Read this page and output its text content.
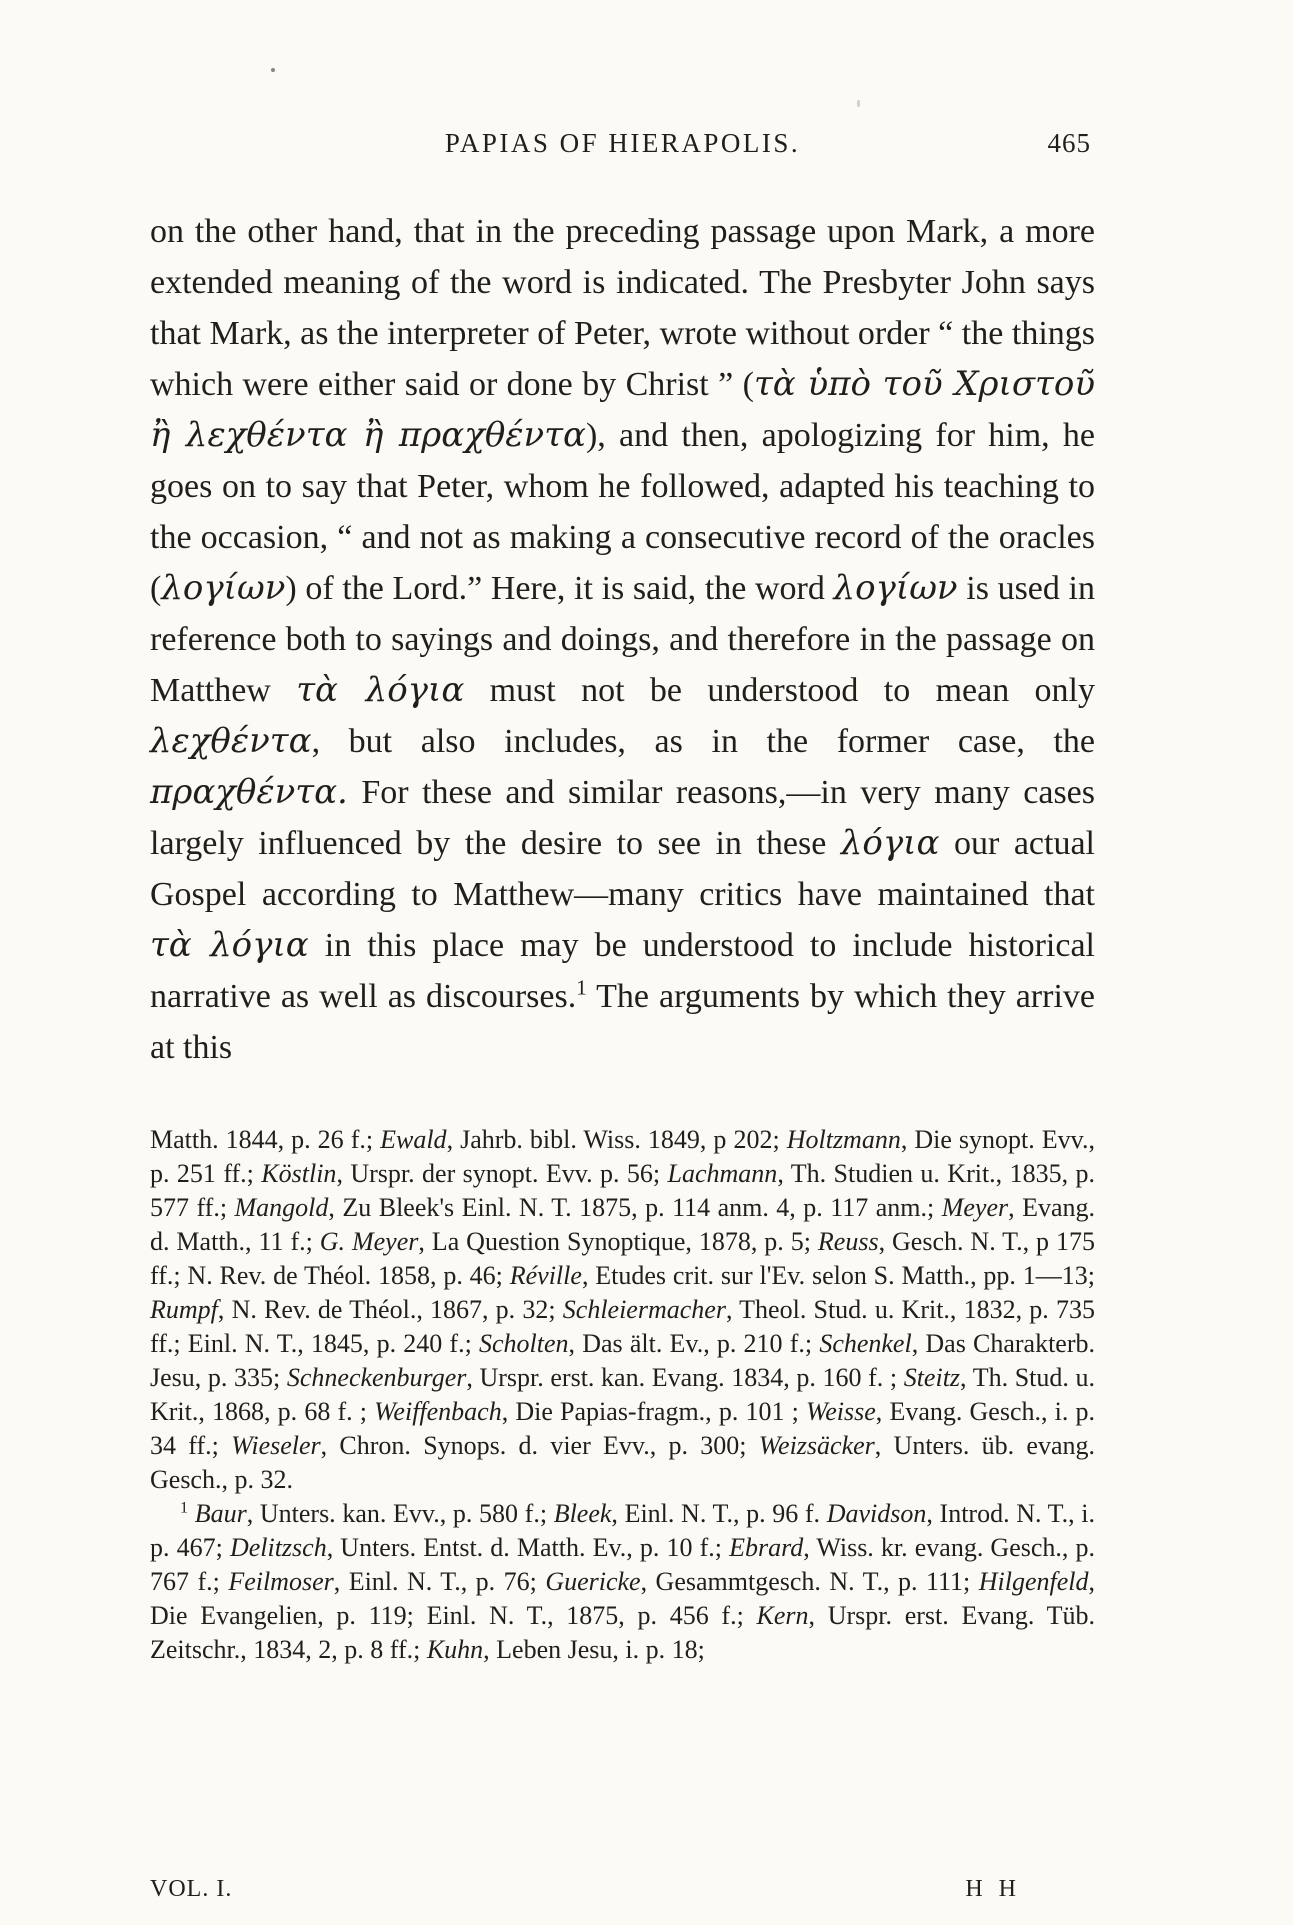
PAPIAS OF HIERAPOLIS.	465

on the other hand, that in the preceding passage upon Mark, a more extended meaning of the word is indicated. The Presbyter John says that Mark, as the interpreter of Peter, wrote without order “ the things which were either said or done by Christ ” (τὰ ὑπὸ τοῦ Χριστοῦ ἢ λεχθέντα ἢ πραχθέντα), and then, apologizing for him, he goes on to say that Peter, whom he followed, adapted his teaching to the occasion, “ and not as making a consecutive record of the oracles (λογίων) of the Lord.” Here, it is said, the word λογίων is used in reference both to sayings and doings, and therefore in the passage on Matthew τὰ λόγια must not be understood to mean only λεχθέντα, but also includes, as in the former case, the πραχθέντα. For these and similar reasons,—in very many cases largely influenced by the desire to see in these λόγια our actual Gospel according to Matthew—many critics have maintained that τὰ λόγια in this place may be understood to include historical narrative as well as discourses.$^1$ The arguments by which they arrive at this

Matth. 1844, p. 26 f.; Ewald, Jahrb. bibl. Wiss. 1849, p 202; Holtzmann, Die synopt. Evv., p. 251 ff.; Köstlin, Urspr. der synopt. Evv. p. 56; Lachmann, Th. Studien u. Krit., 1835, p. 577 ff.; Mangold, Zu Bleek's Einl. N. T. 1875, p. 114 anm. 4, p. 117 anm.; Meyer, Evang. d. Matth., 11 f.; G. Meyer, La Question Synoptique, 1878, p. 5; Reuss, Gesch. N. T., p 175 ff.; N. Rev. de Théol. 1858, p. 46; Réville, Etudes crit. sur l'Ev. selon S. Matth., pp. 1—13; Rumpf, N. Rev. de Théol., 1867, p. 32; Schleiermacher, Theol. Stud. u. Krit., 1832, p. 735 ff.; Einl. N. T., 1845, p. 240 f.; Scholten, Das ält. Ev., p. 210 f.; Schenkel, Das Charakterb. Jesu, p. 335; Schneckenburger, Urspr. erst. kan. Evang. 1834, p. 160 f. ; Steitz, Th. Stud. u. Krit., 1868, p. 68 f. ; Weiffenbach, Die Papias-fragm., p. 101 ; Weisse, Evang. Gesch., i. p. 34 ff.; Wieseler, Chron. Synops. d. vier Evv., p. 300; Weizsäcker, Unters. üb. evang. Gesch., p. 32.

$^1$ Baur, Unters. kan. Evv., p. 580 f.; Bleek, Einl. N. T., p. 96 f. Davidson, Introd. N. T., i. p. 467; Delitzsch, Unters. Entst. d. Matth. Ev., p. 10 f.; Ebrard, Wiss. kr. evang. Gesch., p. 767 f.; Feilmoser, Einl. N. T., p. 76; Guericke, Gesammtgesch. N. T., p. 111; Hilgenfeld, Die Evangelien, p. 119; Einl. N. T., 1875, p. 456 f.; Kern, Urspr. erst. Evang. Tüb. Zeitschr., 1834, 2, p. 8 ff.; Kuhn, Leben Jesu, i. p. 18;

VOL. I.	H H
